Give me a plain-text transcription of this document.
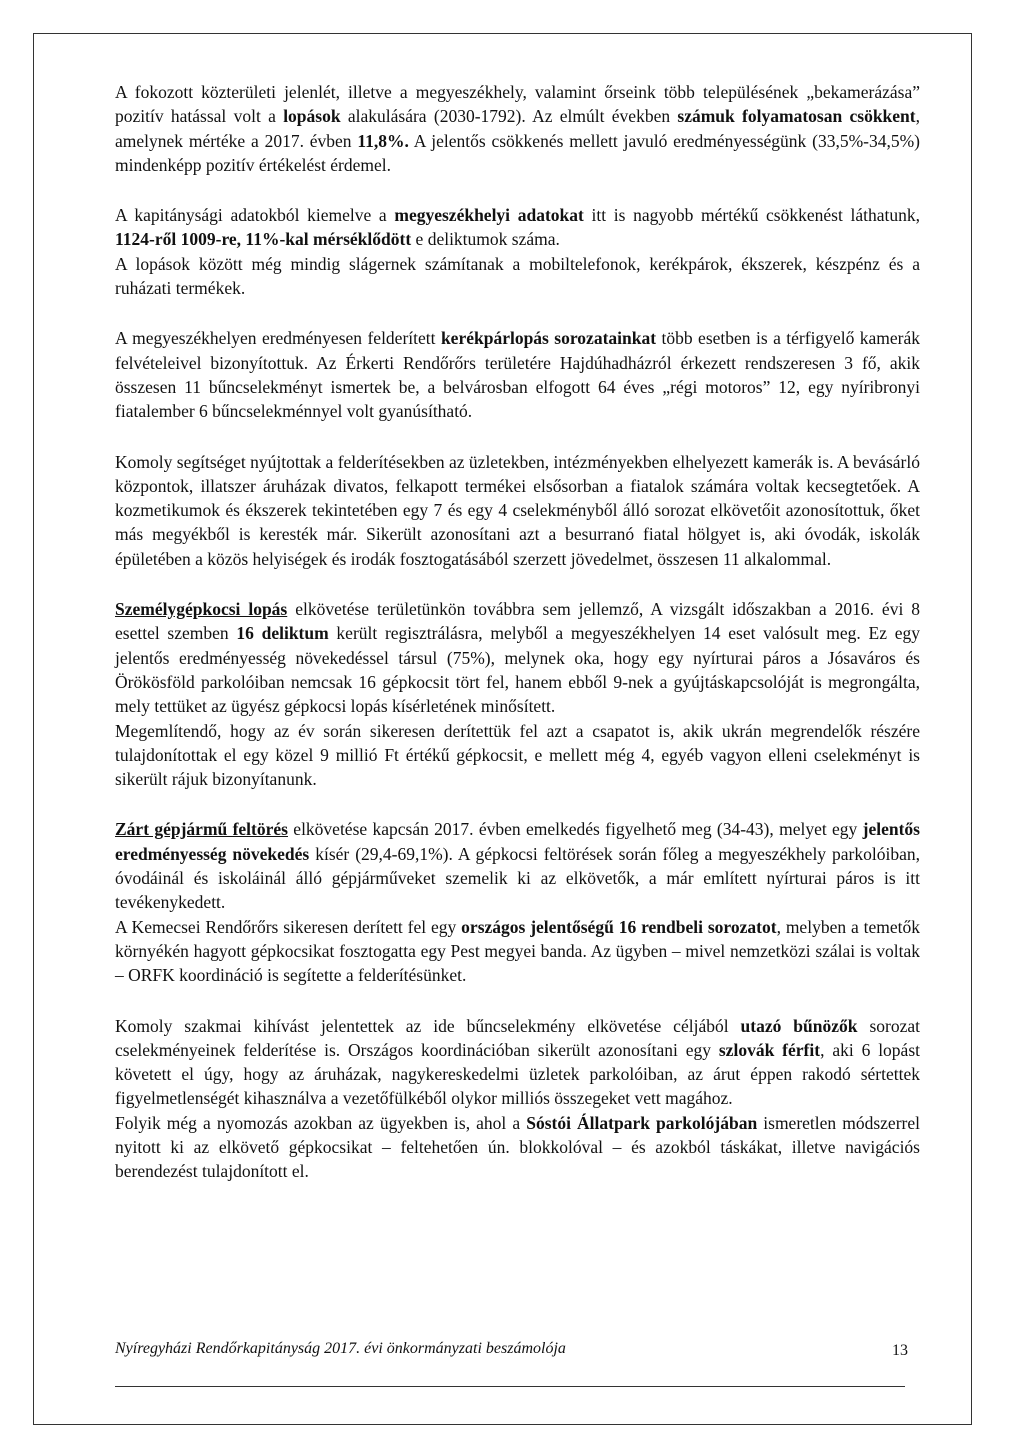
A fokozott közterületi jelenlét, illetve a megyeszékhely, valamint őrseink több településének „bekamerázása” pozitív hatással volt a lopások alakulására (2030-1792). Az elmúlt években számuk folyamatosan csökkent, amelynek mértéke a 2017. évben 11,8%. A jelentős csökkenés mellett javuló eredményességünk (33,5%-34,5%) mindenképp pozitív értékelést érdemel.

A kapitánysági adatokból kiemelve a megyeszékhelyi adatokat itt is nagyobb mértékű csökkenést láthatunk, 1124-ről 1009-re, 11%-kal mérséklődött e deliktumok száma.

A lopások között még mindig slágernek számítanak a mobiltelefonok, kerékpárok, ékszerek, készpénz és a ruházati termékek.

A megyeszékhelyen eredményesen felderített kerékpárlopás sorozatainkat több esetben is a térfigyelő kamerák felvételeivel bizonyítottuk. Az Érkerti Rendőrőrs területére Hajdúhadházról érkezett rendszeresen 3 fő, akik összesen 11 bűncselekményt ismertek be, a belvárosban elfogott 64 éves „régi motoros” 12, egy nyíribronyi fiatalember 6 bűncselekménnyel volt gyanúsítható.

Komoly segítséget nyújtottak a felderítésekben az üzletekben, intézményekben elhelyezett kamerák is. A bevásárló központok, illatszer áruházak divatos, felkapott termékei elsősorban a fiatalok számára voltak kecsegtetőek. A kozmetikumok és ékszerek tekintetében egy 7 és egy 4 cselekményből álló sorozat elkövetőit azonosítottuk, őket más megyékből is keresték már. Sikerült azonosítani azt a besurranó fiatal hölgyet is, aki óvodák, iskolák épületében a közös helyiségek és irodák fosztogatásából szerzett jövedelmet, összesen 11 alkalommal.

Személygépkocsi lopás elkövetése területünkön továbbra sem jellemző, A vizsgált időszakban a 2016. évi 8 esettel szemben 16 deliktum került regisztrálásra, melyből a megyeszékhelyen 14 eset valósult meg. Ez egy jelentős eredményesség növekedéssel társul (75%), melynek oka, hogy egy nyírturai páros a Jósaváros és Örökösföld parkolóiban nemcsak 16 gépkocsit tört fel, hanem ebből 9-nek a gyújtáskapcsolóját is megrongálta, mely tettüket az ügyész gépkocsi lopás kísérletének minősített.

Megemlítendő, hogy az év során sikeresen derítettük fel azt a csapatot is, akik ukrán megrendelők részére tulajdonítottak el egy közel 9 millió Ft értékű gépkocsit, e mellett még 4, egyéb vagyon elleni cselekményt is sikerült rájuk bizonyítanunk.

Zárt gépjármű feltörés elkövetése kapcsán 2017. évben emelkedés figyelhető meg (34-43), melyet egy jelentős eredményesség növekedés kísér (29,4-69,1%). A gépkocsi feltörések során főleg a megyeszékhely parkolóiban, óvodáinál és iskoláinál álló gépjárműveket szemelik ki az elkövetők, a már említett nyírturai páros is itt tevékenykedett.

A Kemecsei Rendőrőrs sikeresen derített fel egy országos jelentőségű 16 rendbeli sorozatot, melyben a temetők környékén hagyott gépkocsikat fosztogatta egy Pest megyei banda. Az ügyben – mivel nemzetközi szálai is voltak – ORFK koordináció is segítette a felderítésünket.

Komoly szakmai kihívást jelentettek az ide bűncselekmény elkövetése céljából utazó bűnözők sorozat cselekményeinek felderítése is. Országos koordinációban sikerült azonosítani egy szlovák férfit, aki 6 lopást követett el úgy, hogy az áruházak, nagykereskedelmi üzletek parkolóiban, az árut éppen rakodó sértettek figyelmetlenségét kihasználva a vezetőfülkéből olykor milliós összegeket vett magához.

Folyik még a nyomozás azokban az ügyekben is, ahol a Sóstói Állatpark parkolójában ismeretlen módszerrel nyitott ki az elkövető gépkocsikat – feltehetően ún. blokkolóval – és azokból táskákat, illetve navigációs berendezést tulajdonított el.

Nyíregyházi Rendőrkapitányság 2017. évi önkormányzati beszámolója	13
